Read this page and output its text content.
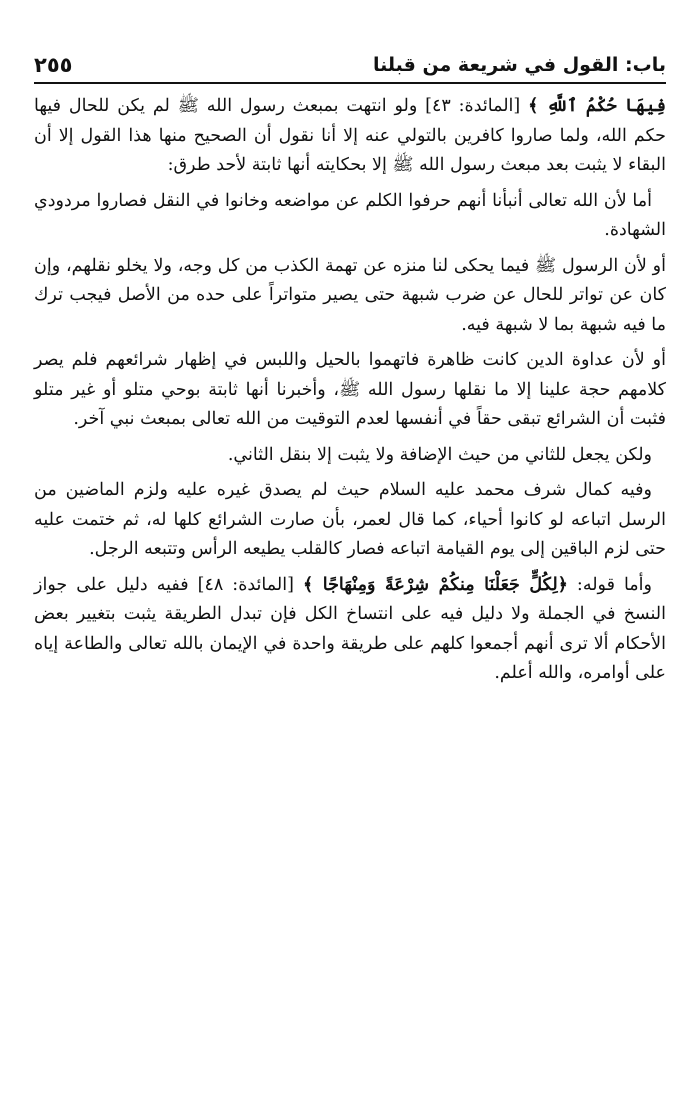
باب: القول في شريعة من قبلنا
٢٥٥

فِيهَا حُكْمُ ٱللَّهِ ﴾ [المائدة: ٤٣] ولو انتهت بمبعث رسول الله ﷺ لم يكن للحال فيها حكم الله، ولما صاروا كافرين بالتولي عنه إلا أنا نقول أن الصحيح منها هذا القول إلا أن البقاء لا يثبت بعد مبعث رسول الله ﷺ إلا بحكايته أنها ثابتة لأحد طرق:

أما لأن الله تعالى أنبأنا أنهم حرفوا الكلم عن مواضعه وخانوا في النقل فصاروا مردودي الشهادة.

أو لأن الرسول ﷺ فيما يحكى لنا منزه عن تهمة الكذب من كل وجه، ولا يخلو نقلهم، وإن كان عن تواتر للحال عن ضرب شبهة حتى يصير متواتراً على حده من الأصل فيجب ترك ما فيه شبهة بما لا شبهة فيه.

أو لأن عداوة الدين كانت ظاهرة فاتهموا بالحيل واللبس في إظهار شرائعهم فلم يصر كلامهم حجة علينا إلا ما نقلها رسول الله ﷺ، وأخبرنا أنها ثابتة بوحي متلو أو غير متلو فثبت أن الشرائع تبقى حقاً في أنفسها لعدم التوقيت من الله تعالى بمبعث نبي آخر.

ولكن يجعل للثاني من حيث الإضافة ولا يثبت إلا بنقل الثاني.

وفيه كمال شرف محمد عليه السلام حيث لم يصدق غيره عليه ولزم الماضين من الرسل اتباعه لو كانوا أحياء، كما قال لعمر، بأن صارت الشرائع كلها له، ثم ختمت عليه حتى لزم الباقين إلى يوم القيامة اتباعه فصار كالقلب يطيعه الرأس وتتبعه الرجل.

وأما قوله: ﴿لِكُلٍّ جَعَلْنَا مِنكُمْ شِرْعَةً وَمِنْهَاجًا ﴾ [المائدة: ٤٨] ففيه دليل على جواز النسخ في الجملة ولا دليل فيه على انتساخ الكل فإن تبدل الطريقة يثبت بتغيير بعض الأحكام ألا ترى أنهم أجمعوا كلهم على طريقة واحدة في الإيمان بالله تعالى والطاعة إياه على أوامره، والله أعلم.
